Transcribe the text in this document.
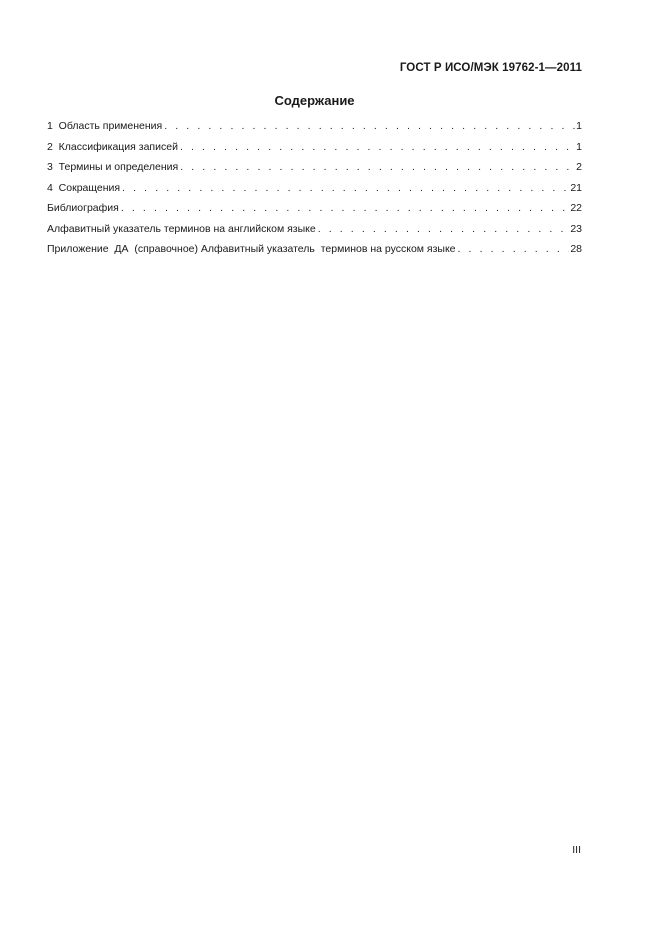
ГОСТ Р ИСО/МЭК 19762-1—2011
Содержание
1  Область применения . . .	1
2  Классификация записей . . .	1
3  Термины и определения . . .	2
4  Сокращения . . .	21
Библиография . . .	22
Алфавитный указатель терминов на английском языке . . .	23
Приложение  ДА  (справочное) Алфавитный указатель  терминов на русском языке . . .	28
III
